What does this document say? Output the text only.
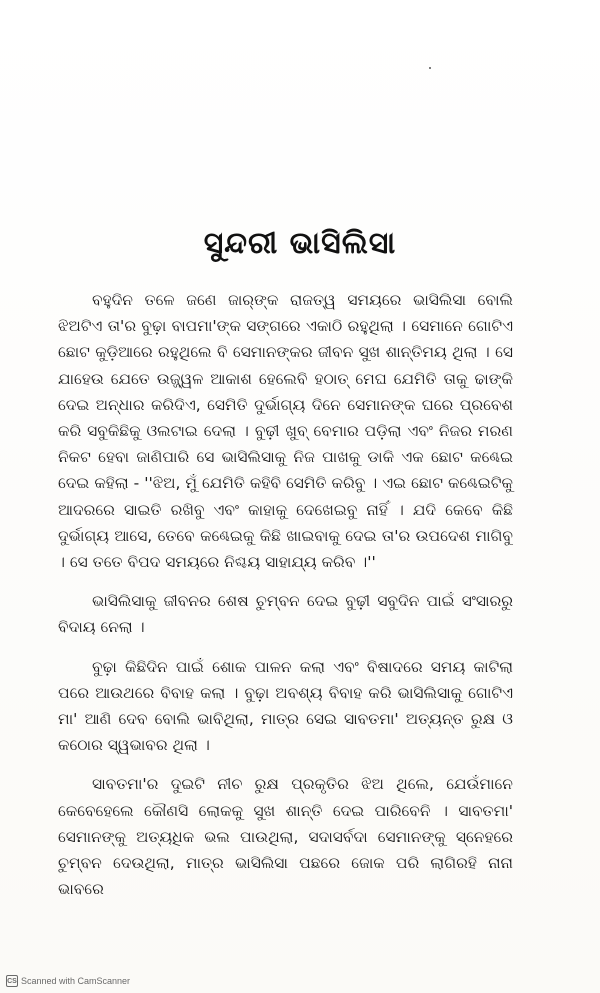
ସୁନ୍ଦରୀ ଭାସିଲିସା

ବହୁଦିନ ତଳେ ଜଣେ ଜାର୍‌ଙ୍କ ରାଜତ୍ୱ ସମୟରେ ଭାସିଲିସା ବୋଲି ଝିଅଟିଏ ତା'ର ବୁଢ଼ା ବାପମା'ଙ୍କ ସଙ୍ଗରେ ଏକାଠି ରହୁଥିଲା । ସେମାନେ ଗୋଟିଏ ଛୋଟ କୁଡ଼ିଆରେ ରହୁଥିଲେ ବି ସେମାନଙ୍କର ଜୀବନ ସୁଖ ଶାନ୍ତିମୟ ଥିଲା । ସେ ଯାହେଉ ଯେତେ ଉଜ୍ଜ୍ୱଳ ଆକାଶ ହେଲେବି ହଠାତ୍ ମେଘ ଯେମିତି ତାକୁ ଢାଙ୍କି ଦେଇ ଅନ୍ଧାର କରିଦିଏ, ସେମିତି ଦୁର୍ଭାଗ୍ୟ ଦିନେ ସେମାନଙ୍କ ଘରେ ପ୍ରବେଶ କରି ସବୁକିଛିକୁ ଓଲଟାଇ ଦେଲା । ବୁଢ଼ୀ ଖୁବ୍ ବେମାର ପଡ଼ିଲା ଏବଂ ନିଜର ମରଣ ନିକଟ ହେବା ଜାଣିପାରି ସେ ଭାସିଲିସାକୁ ନିଜ ପାଖକୁ ଡାକି ଏକ ଛୋଟ କଣ୍ଢେଇ ଦେଇ କହିଲା - ''ଝିଅ, ମୁଁ ଯେମିତି କହିବି ସେମିତି କରିବୁ । ଏଇ ଛୋଟ କଣ୍ଢେଇଟିକୁ ଆଦରରେ ସାଇତି ରଖିବୁ ଏବଂ କାହାକୁ ଦେଖେଇବୁ ନାହିଁ । ଯଦି କେବେ କିଛି ଦୁର୍ଭାଗ୍ୟ ଆସେ, ତେବେ କଣ୍ଢେଇକୁ କିଛି ଖାଇବାକୁ ଦେଇ ତା'ର ଉପଦେଶ ମାଗିବୁ । ସେ ତତେ ବିପଦ ସମୟରେ ନିଶ୍ଚୟ ସାହାଯ୍ୟ କରିବ ।''

ଭାସିଲିସାକୁ ଜୀବନର ଶେଷ ଚୁମ୍ବନ ଦେଇ ବୁଢ଼ୀ ସବୁଦିନ ପାଇଁ ସଂସାରରୁ ବିଦାୟ ନେଲା ।

ବୁଢ଼ା କିଛିଦିନ ପାଇଁ ଶୋକ ପାଳନ କଲା ଏବଂ ବିଷାଦରେ ସମୟ କାଟିଲା ପରେ ଆଉଥରେ ବିବାହ କଲା । ବୁଢ଼ା ଅବଶ୍ୟ ବିବାହ କରି ଭାସିଲିସାକୁ ଗୋଟିଏ ମା' ଆଣି ଦେବ ବୋଲି ଭାବିଥିଲା, ମାତ୍ର ସେଇ ସାବତମା' ଅତ୍ୟନ୍ତ ରୁକ୍ଷ ଓ କଠୋର ସ୍ୱଭାବର ଥିଲା ।

ସାବତମା'ର ଦୁଇଟି ନୀଚ ରୁକ୍ଷ ପ୍ରକୃତିର ଝିଅ ଥିଲେ, ଯେଉଁମାନେ କେବେହେଲେ କୌଣସି ଲୋକକୁ ସୁଖ ଶାନ୍ତି ଦେଇ ପାରିବେନି । ସାବତମା' ସେମାନଙ୍କୁ ଅତ୍ୟଧିକ ଭଲ ପାଉଥିଲା, ସଦାସର୍ବଦା ସେମାନଙ୍କୁ ସ୍ନେହରେ ଚୁମ୍ବନ ଦେଉଥିଲା, ମାତ୍ର ଭାସିଲିସା ପଛରେ ଜୋକ ପରି ଲାଗିରହି ନାନା ଭାବରେ

CS Scanned with CamScanner
